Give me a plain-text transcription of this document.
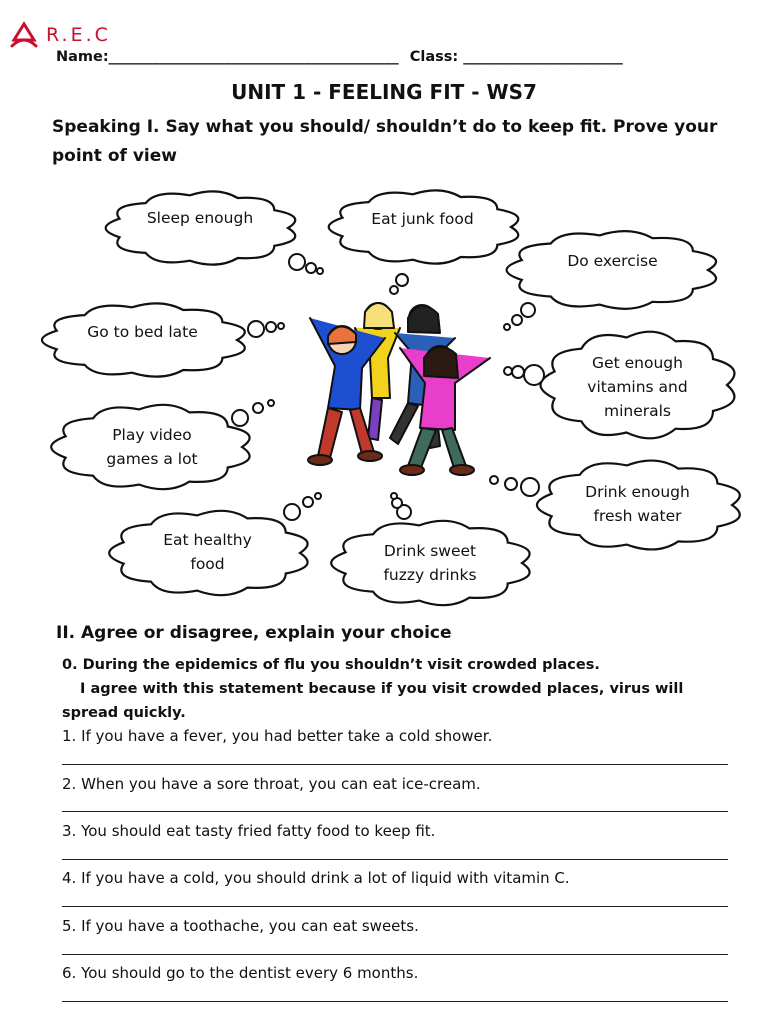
R.E.C
Name:________________________________________ Class: ______________________
UNIT 1 - FEELING FIT - WS7
Speaking I. Say what you should/ shouldn’t do to keep fit. Prove your point of view
Sleep enough	Eat junk food
Do exercise
Go to bed late
Get enough
vitamins and
minerals
Play video
games a lot
Drink enough
fresh water
Eat healthy
food
Drink sweet
fuzzy drinks
II. Agree or disagree, explain your choice
0. During the epidemics of flu you shouldn’t visit crowded places.
I agree with this statement because if you visit crowded places, virus will
spread quickly.
1. If you have a fever, you had better take a cold shower.
2. When you have a sore throat, you can eat ice-cream.
3. You should eat tasty fried fatty food to keep fit.
4. If you have a cold, you should drink a lot of liquid with vitamin C.
5. If you have a toothache, you can eat sweets.
6. You should go to the dentist every 6 months.
